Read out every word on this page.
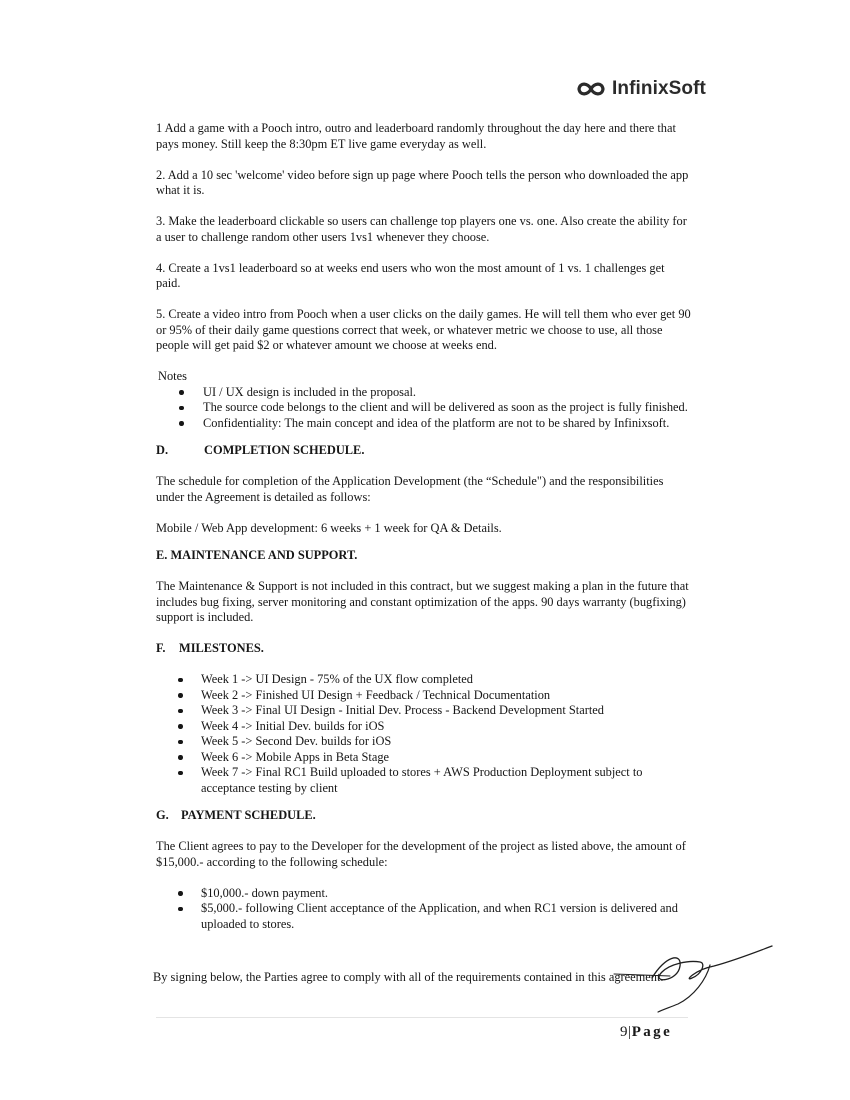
InfinixSoft

1 Add a game with a Pooch intro, outro and leaderboard randomly throughout the day here and there that pays money. Still keep the 8:30pm ET live game everyday as well.

2. Add a 10 sec 'welcome' video before sign up page where Pooch tells the person who downloaded the app what it is.

3. Make the leaderboard clickable so users can challenge top players one vs. one. Also create the ability for a user to challenge random other users 1vs1 whenever they choose.

4. Create a 1vs1 leaderboard so at weeks end users who won the most amount of 1 vs. 1 challenges get paid.

5. Create a video intro from Pooch when a user clicks on the daily games. He will tell them who ever get 90 or 95% of their daily game questions correct that week, or whatever metric we choose to use, all those people will get paid $2 or whatever amount we choose at weeks end.

Notes

UI / UX design is included in the proposal.
The source code belongs to the client and will be delivered as soon as the project is fully finished.
Confidentiality: The main concept and idea of the platform are not to be shared by Infinixsoft.

D.	COMPLETION SCHEDULE.

The schedule for completion of the Application Development (the “Schedule") and the responsibilities under the Agreement is detailed as follows:

Mobile / Web App development: 6 weeks + 1 week for QA & Details.

E. MAINTENANCE AND SUPPORT.

The Maintenance & Support is not included in this contract, but we suggest making a plan in the future that includes bug fixing, server monitoring and constant optimization of the apps. 90 days warranty (bugfixing) support is included.

F. MILESTONES.

Week 1 -> UI Design - 75% of the UX flow completed
Week 2 -> Finished UI Design + Feedback / Technical Documentation
Week 3 -> Final UI Design - Initial Dev. Process - Backend Development Started
Week 4 -> Initial Dev. builds for iOS
Week 5 -> Second Dev. builds for iOS
Week 6 -> Mobile Apps in Beta Stage
Week 7 -> Final RC1 Build uploaded to stores + AWS Production Deployment subject to acceptance testing by client

G. PAYMENT SCHEDULE.

The Client agrees to pay to the Developer for the development of the project as listed above, the amount of $15,000.- according to the following schedule:

$10,000.- down payment.
$5,000.- following Client acceptance of the Application, and when RC1 version is delivered and uploaded to stores.

By signing below, the Parties agree to comply with all of the requirements contained in this agreement.

9|Page
